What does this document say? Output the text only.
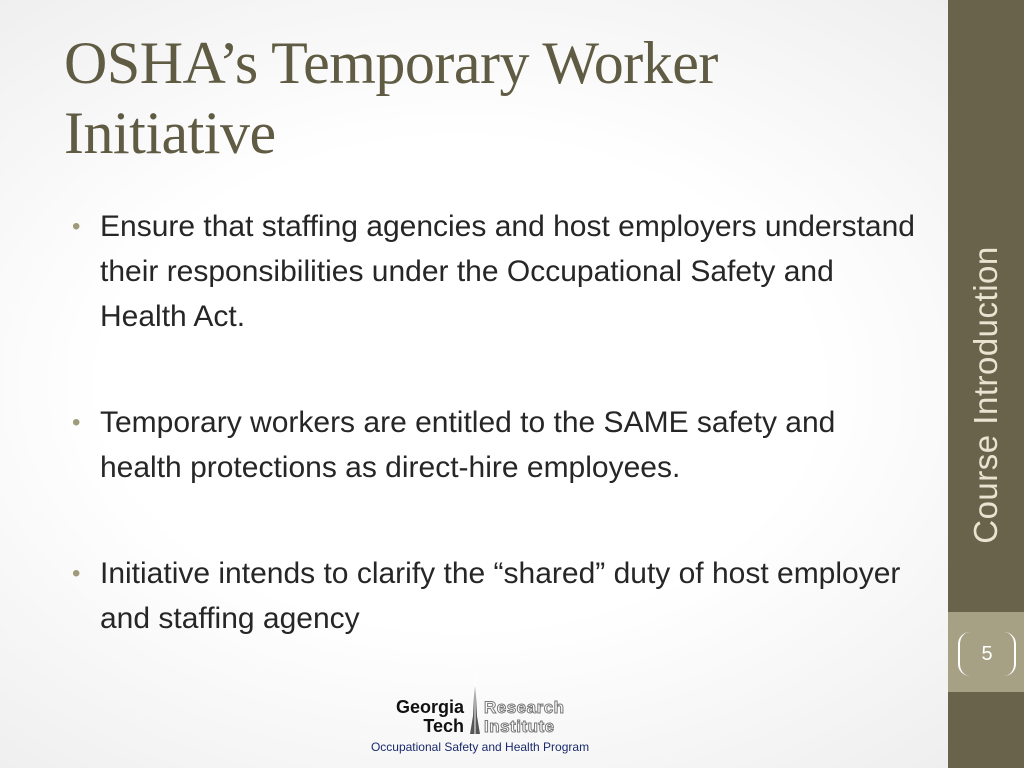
OSHA’s Temporary Worker
Initiative
• Ensure that staffing agencies and host employers understand their responsibilities under the Occupational Safety and Health Act.
• Temporary workers are entitled to the SAME safety and health protections as direct-hire employees.
• Initiative intends to clarify the “shared” duty of host employer and staffing agency
Course Introduction
5
Georgia
Tech
Research
Institute
Occupational Safety and Health Program
